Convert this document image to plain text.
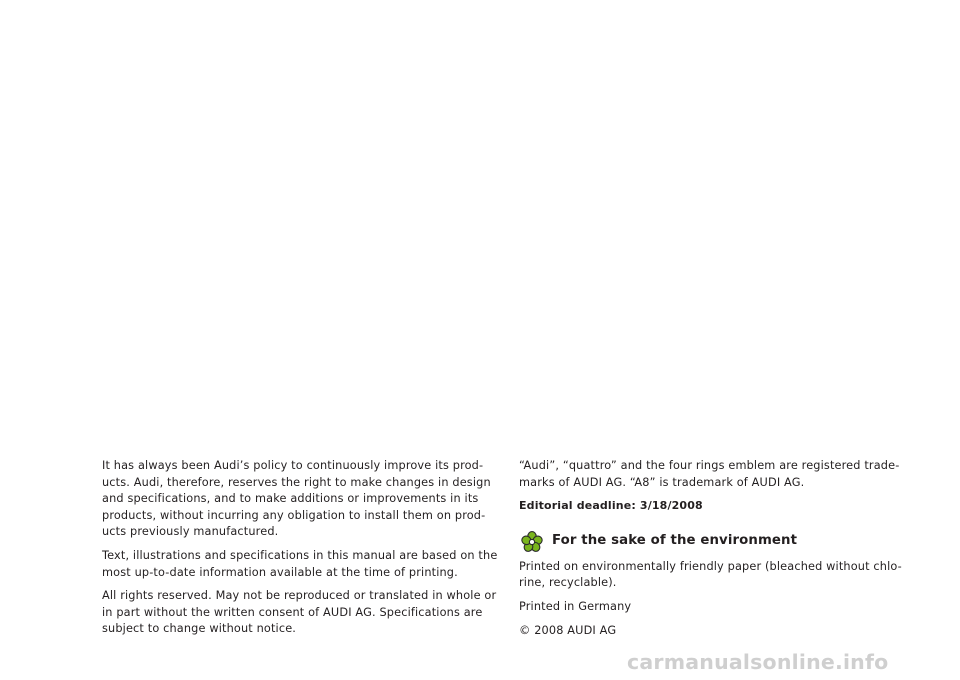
It has always been Audi’s policy to continuously improve its prod-
ucts. Audi, therefore, reserves the right to make changes in design
and specifications, and to make additions or improvements in its
products, without incurring any obligation to install them on prod-
ucts previously manufactured.

Text, illustrations and specifications in this manual are based on the
most up-to-date information available at the time of printing.

All rights reserved. May not be reproduced or translated in whole or
in part without the written consent of AUDI AG. Specifications are
subject to change without notice.

“Audi”, “quattro” and the four rings emblem are registered trade-
marks of AUDI AG. “A8” is trademark of AUDI AG.

Editorial deadline: 3/18/2008

For the sake of the environment

Printed on environmentally friendly paper (bleached without chlo-
rine, recyclable).

Printed in Germany

© 2008 AUDI AG

carmanualsonline.info
